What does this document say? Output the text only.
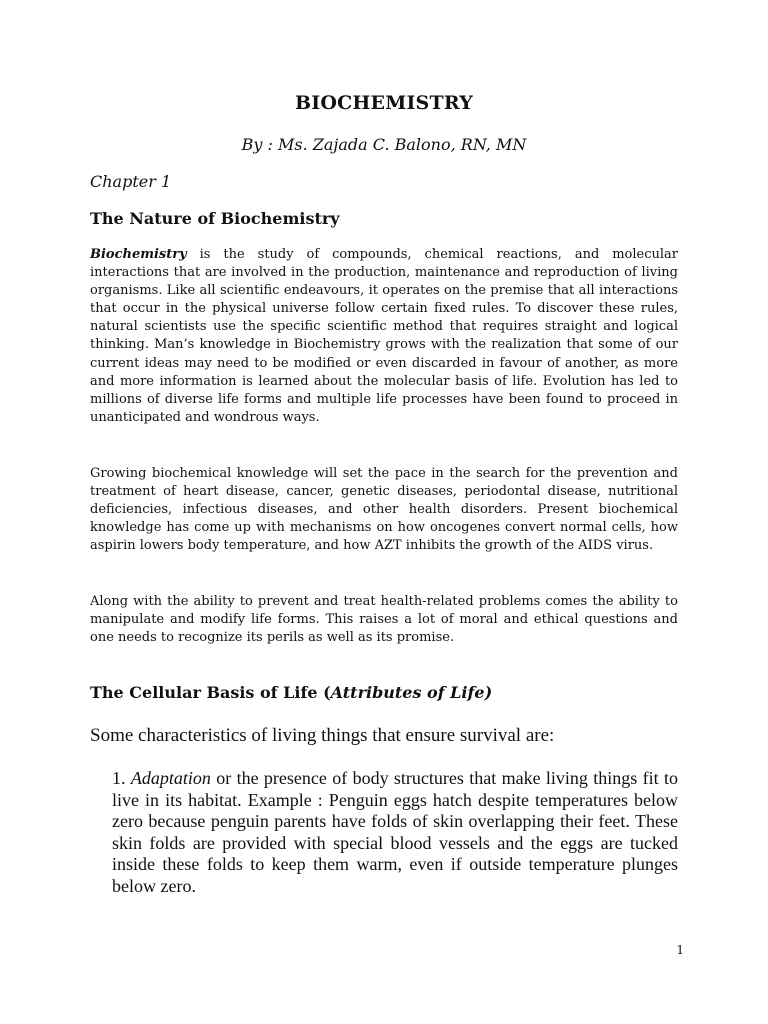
BIOCHEMISTRY

By : Ms. Zajada C. Balono, RN, MN

Chapter 1

The Nature of Biochemistry

Biochemistry is the study of compounds, chemical reactions, and molecular interactions that are involved in the production, maintenance and reproduction of living organisms. Like all scientific endeavours, it operates on the premise that all interactions that occur in the physical universe follow certain fixed rules. To discover these rules, natural scientists use the specific scientific method that requires straight and logical thinking. Man’s knowledge in Biochemistry grows with the realization that some of our current ideas may need to be modified or even discarded in favour of another, as more and more information is learned about the molecular basis of life. Evolution has led to millions of diverse life forms and multiple life processes have been found to proceed in unanticipated and wondrous ways.

Growing biochemical knowledge will set the pace in the search for the prevention and treatment of heart disease, cancer, genetic diseases, periodontal disease, nutritional deficiencies, infectious diseases, and other health disorders. Present biochemical knowledge has come up with mechanisms on how oncogenes convert normal cells, how aspirin lowers body temperature, and how AZT inhibits the growth of the AIDS virus.

Along with the ability to prevent and treat health-related problems comes the ability to manipulate and modify life forms. This raises a lot of moral and ethical questions and one needs to recognize its perils as well as its promise.

The Cellular Basis of Life (Attributes of Life)

Some characteristics of living things that ensure survival are:

1. Adaptation or the presence of body structures that make living things fit to live in its habitat. Example : Penguin eggs hatch despite temperatures below zero because penguin parents have folds of skin overlapping their feet. These skin folds are provided with special blood vessels and the eggs are tucked inside these folds to keep them warm, even if outside temperature plunges below zero.

1
